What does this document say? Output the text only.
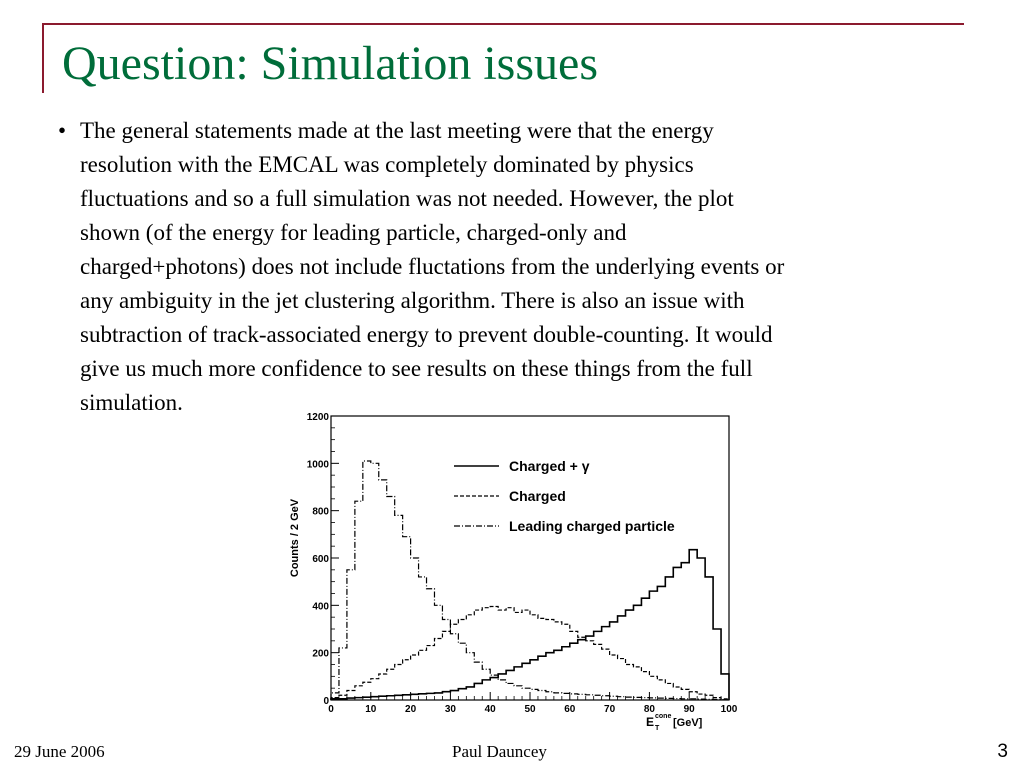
Question: Simulation issues
• The general statements made at the last meeting were that the energy
resolution with the EMCAL was completely dominated by physics
fluctuations and so a full simulation was not needed. However, the plot
shown (of the energy for leading particle, charged-only and
charged+photons) does not include fluctations from the underlying events or
any ambiguity in the jet clustering algorithm. There is also an issue with
subtraction of track-associated energy to prevent double-counting. It would
give us much more confidence to see results on these things from the full
simulation.
0	10	20	30	40	50	60	70	80	90	100
0
200
400
600
800
1000
1200
Counts / 2 GeV
E cone
T [GeV]
Charged + γ
Charged
Leading charged particle
29 June 2006	Paul Dauncey	3
